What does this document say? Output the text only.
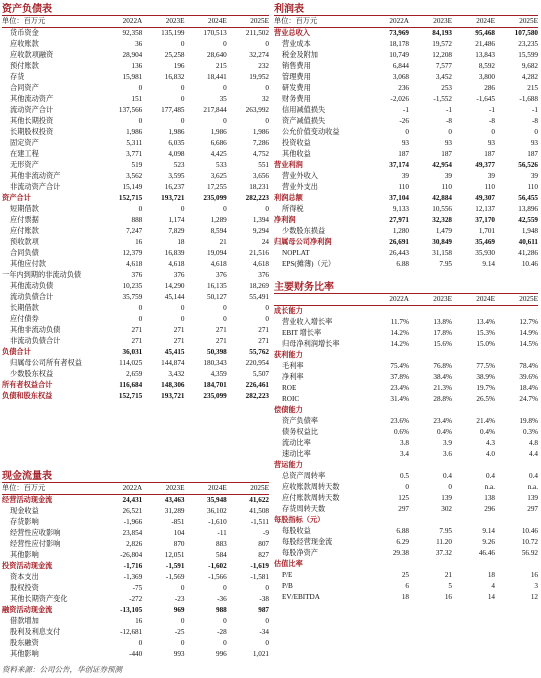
资产负债表
单位：百万元	2022A	2023E	2024E	2025E
货币资金	92,358	135,199	170,513	211,502
应收账款	36	0	0	0
应收款项融资	28,904	25,258	28,640	32,274
预付账款	136	196	215	232
存货	15,981	16,832	18,441	19,952
合同资产	0	0	0	0
其他流动资产	151	0	35	32
流动资产合计	137,566	177,485	217,844	263,992
其他长期投资	0	0	0	0
长期股权投资	1,986	1,986	1,986	1,986
固定资产	5,311	6,035	6,686	7,286
在建工程	3,771	4,098	4,425	4,752
无形资产	519	523	533	551
其他非流动资产	3,562	3,595	3,625	3,656
非流动资产合计	15,149	16,237	17,255	18,231
资产合计	152,715	193,721	235,099	282,223
短期借款	0	0	0	0
应付票据	888	1,174	1,289	1,394
应付账款	7,247	7,829	8,594	9,294
预收款项	16	18	21	24
合同负债	12,379	16,839	19,094	21,516
其他应付款	4,618	4,618	4,618	4,618
一年内到期的非流动负债	376	376	376	376
其他流动负债	10,235	14,290	16,135	18,269
流动负债合计	35,759	45,144	50,127	55,491
长期借款	0	0	0	0
应付债券	0	0	0	0
其他非流动负债	271	271	271	271
非流动负债合计	271	271	271	271
负债合计	36,031	45,415	50,398	55,762
归属母公司所有者权益	114,025	144,874	180,343	220,954
少数股东权益	2,659	3,432	4,359	5,507
所有者权益合计	116,684	148,306	184,701	226,461
负债和股东权益	152,715	193,721	235,099	282,223
利润表
单位：百万元	2022A	2023E	2024E	2025E
营业总收入	73,969	84,193	95,468	107,580
营业成本	18,178	19,572	21,486	23,235
税金及附加	10,749	12,208	13,843	15,599
销售费用	6,844	7,577	8,592	9,682
管理费用	3,068	3,452	3,800	4,282
研发费用	236	253	286	215
财务费用	-2,026	-1,552	-1,645	-1,688
信用减值损失	-1	-1	-1	-1
资产减值损失	-26	-8	-8	-8
公允价值变动收益	0	0	0	0
投资收益	93	93	93	93
其他收益	187	187	187	187
营业利润	37,174	42,954	49,377	56,526
营业外收入	39	39	39	39
营业外支出	110	110	110	110
利润总额	37,104	42,884	49,307	56,455
所得税	9,133	10,556	12,137	13,896
净利润	27,971	32,328	37,170	42,559
少数股东损益	1,280	1,479	1,701	1,948
归属母公司净利润	26,691	30,849	35,469	40,611
NOPLAT	26,443	31,158	35,930	41,286
EPS(摊薄)（元）	6.88	7.95	9.14	10.46
主要财务比率
	2022A	2023E	2024E	2025E
成长能力				
营业收入增长率	11.7%	13.8%	13.4%	12.7%
EBIT 增长率	14.2%	17.8%	15.3%	14.9%
归母净利润增长率	14.2%	15.6%	15.0%	14.5%
获利能力				
毛利率	75.4%	76.8%	77.5%	78.4%
净利率	37.8%	38.4%	38.9%	39.6%
ROE	23.4%	21.3%	19.7%	18.4%
ROIC	31.4%	28.8%	26.5%	24.7%
偿债能力				
资产负债率	23.6%	23.4%	21.4%	19.8%
债务权益比	0.6%	0.4%	0.4%	0.3%
流动比率	3.8	3.9	4.3	4.8
速动比率	3.4	3.6	4.0	4.4
营运能力				
总资产周转率	0.5	0.4	0.4	0.4
应收账款周转天数	0	0	n.a.	n.a.
应付账款周转天数	125	139	138	139
存货周转天数	297	302	296	297
每股指标（元）				
每股收益	6.88	7.95	9.14	10.46
每股经营现金流	6.29	11.20	9.26	10.72
每股净资产	29.38	37.32	46.46	56.92
估值比率				
P/E	25	21	18	16
P/B	6	5	4	3
EV/EBITDA	18	16	14	12
现金流量表
单位：百万元	2022A	2023E	2024E	2025E
经营活动现金流	24,431	43,463	35,948	41,622
现金收益	26,521	31,289	36,102	41,508
存货影响	-1,966	-851	-1,610	-1,511
经营性应收影响	23,854	104	-11	-9
经营性应付影响	2,826	870	883	807
其他影响	-26,804	12,051	584	827
投资活动现金流	-1,716	-1,591	-1,602	-1,619
资本支出	-1,369	-1,569	-1,566	-1,581
股权投资	-75	0	0	0
其他长期资产变化	-272	-23	-36	-38
融资活动现金流	-13,105	969	988	987
借款增加	16	0	0	0
股利及利息支付	-12,681	-25	-28	-34
股东融资	0	0	0	0
其他影响	-440	993	996	1,021
资料来源：公司公告，华创证券预测
